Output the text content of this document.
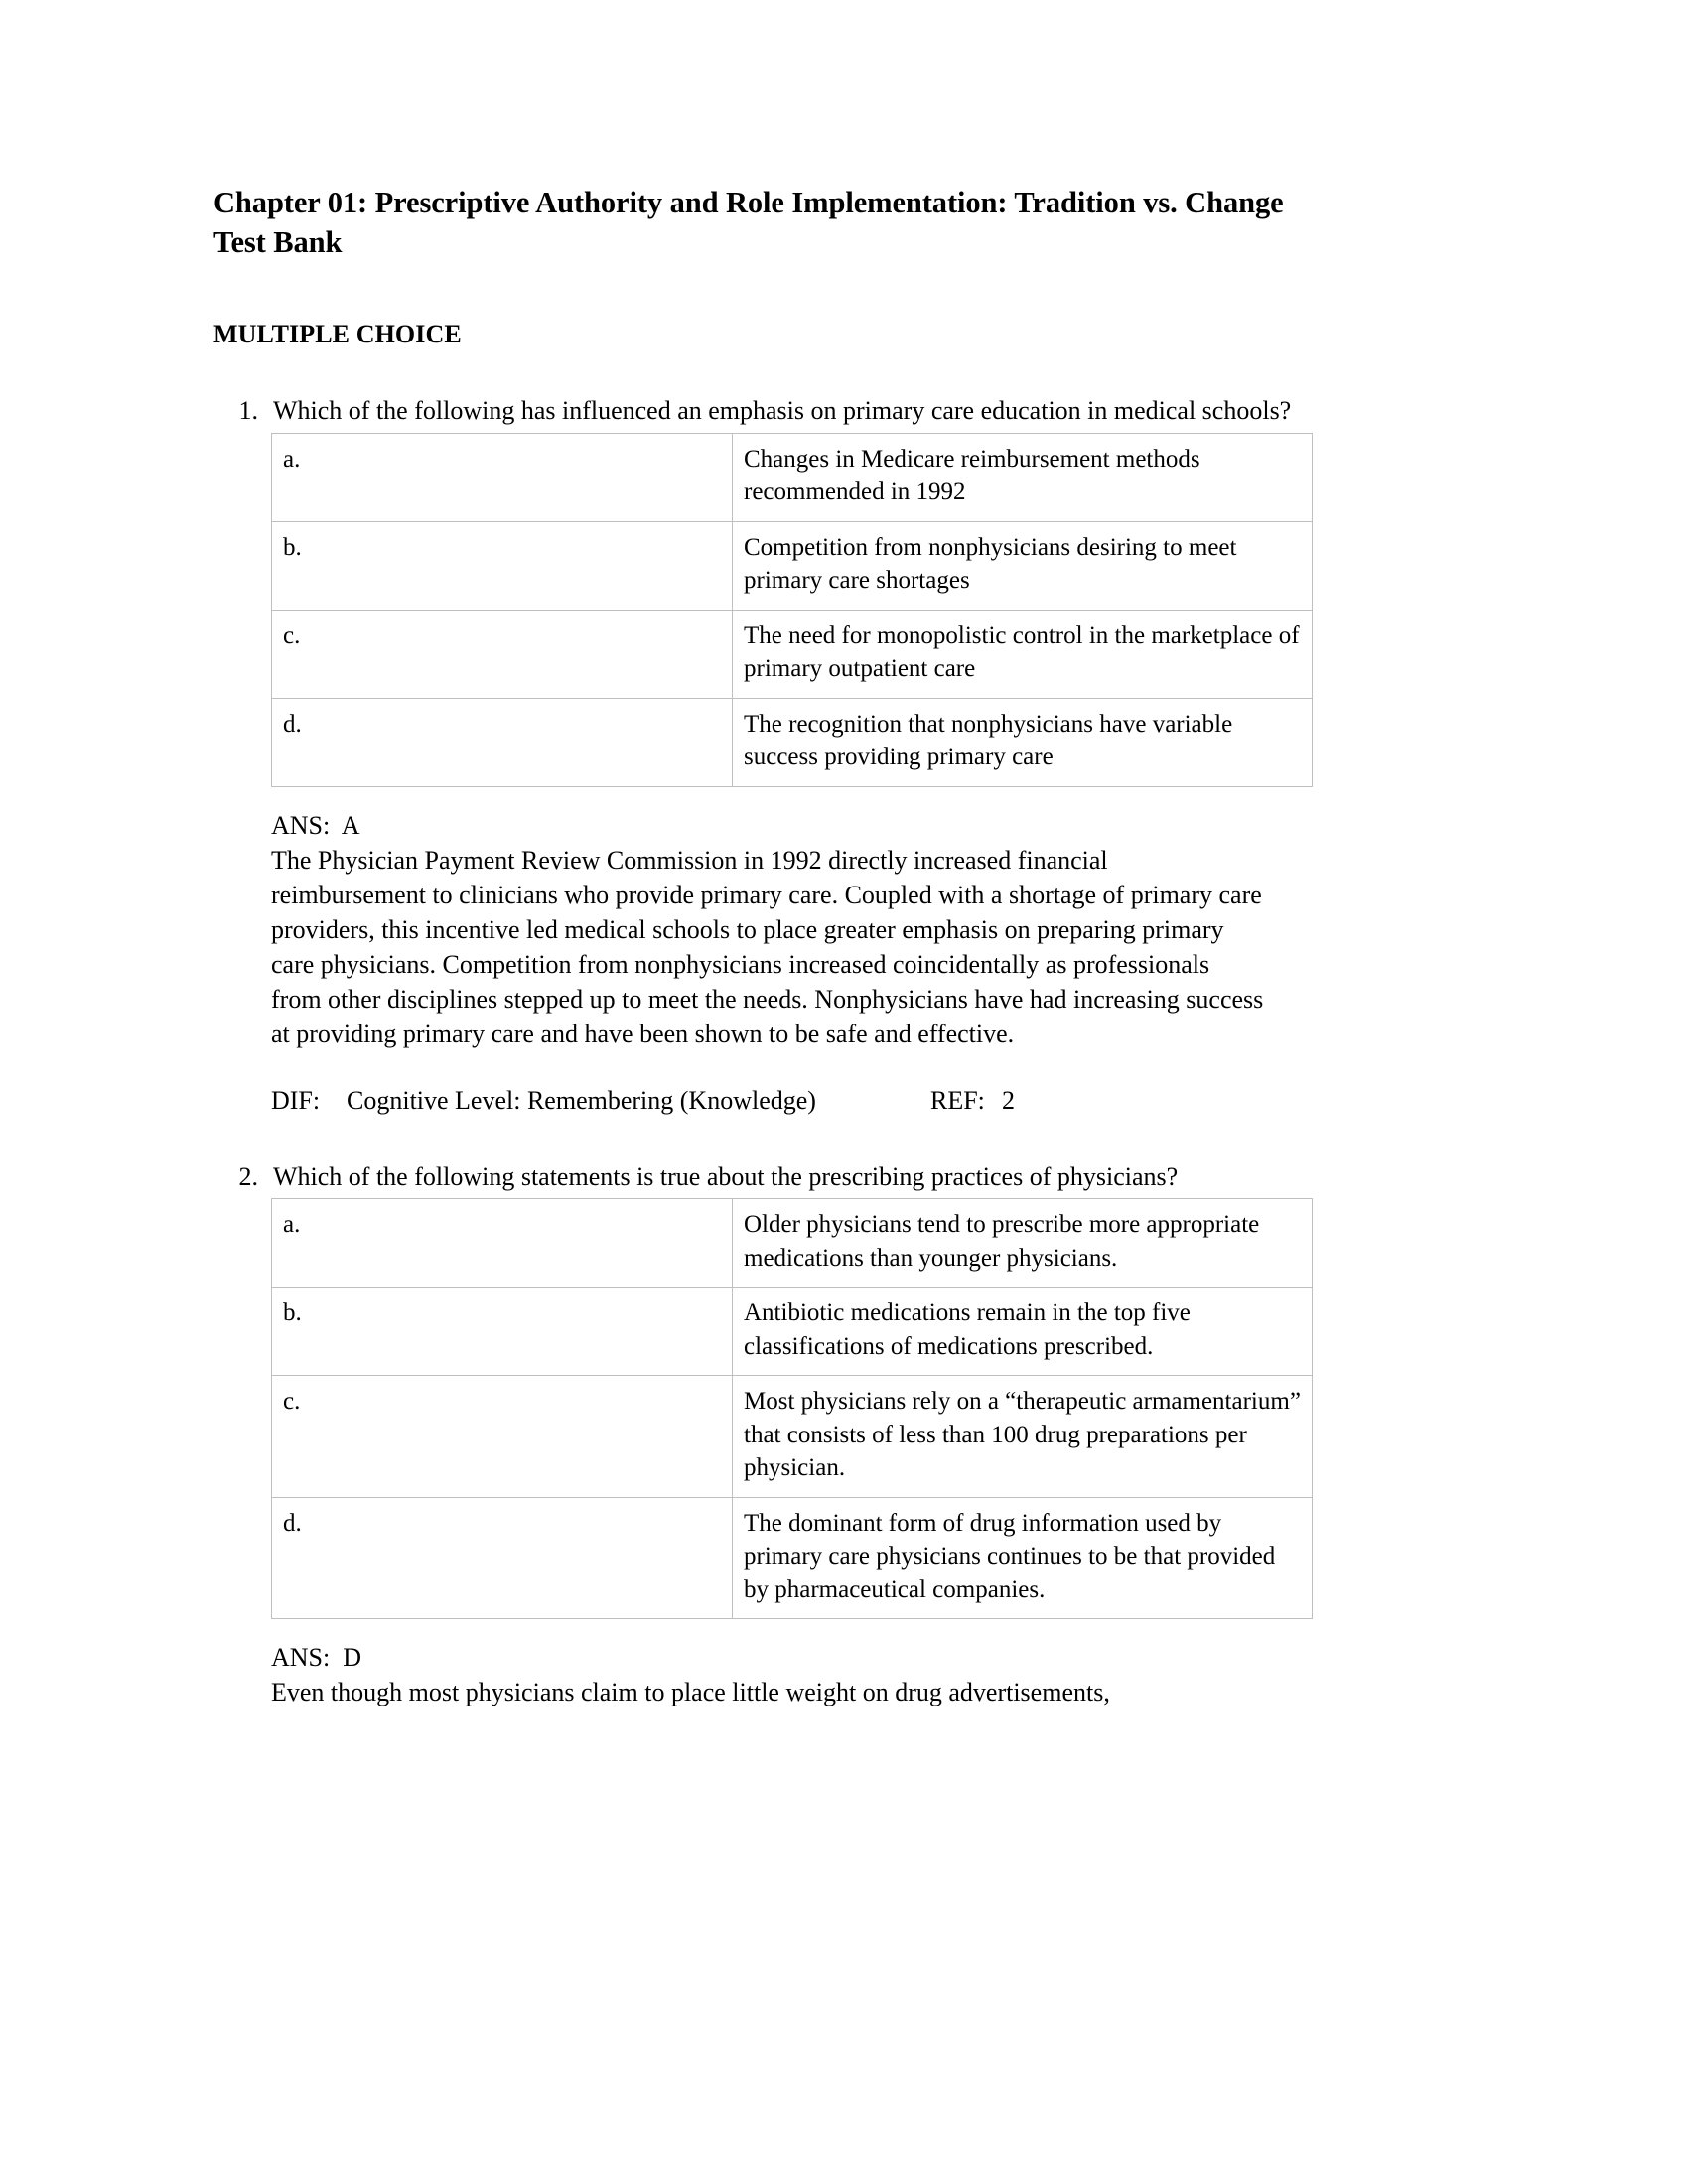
Chapter 01: Prescriptive Authority and Role Implementation: Tradition vs. Change
Test Bank
MULTIPLE CHOICE
1. Which of the following has influenced an emphasis on primary care education in medical schools?
a.	Changes in Medicare reimbursement methods recommended in 1992
b.	Competition from nonphysicians desiring to meet primary care shortages
c.	The need for monopolistic control in the marketplace of primary outpatient care
d.	The recognition that nonphysicians have variable success providing primary care
ANS:  A
The Physician Payment Review Commission in 1992 directly increased financial reimbursement to clinicians who provide primary care. Coupled with a shortage of primary care providers, this incentive led medical schools to place greater emphasis on preparing primary care physicians. Competition from nonphysicians increased coincidentally as professionals from other disciplines stepped up to meet the needs. Nonphysicians have had increasing success at providing primary care and have been shown to be safe and effective.
DIF:	Cognitive Level: Remembering (Knowledge)	REF: 2
2. Which of the following statements is true about the prescribing practices of physicians?
a.	Older physicians tend to prescribe more appropriate medications than younger physicians.
b.	Antibiotic medications remain in the top five classifications of medications prescribed.
c.	Most physicians rely on a “therapeutic armamentarium” that consists of less than 100 drug preparations per physician.
d.	The dominant form of drug information used by primary care physicians continues to be that provided by pharmaceutical companies.
ANS:  D
Even though most physicians claim to place little weight on drug advertisements,
